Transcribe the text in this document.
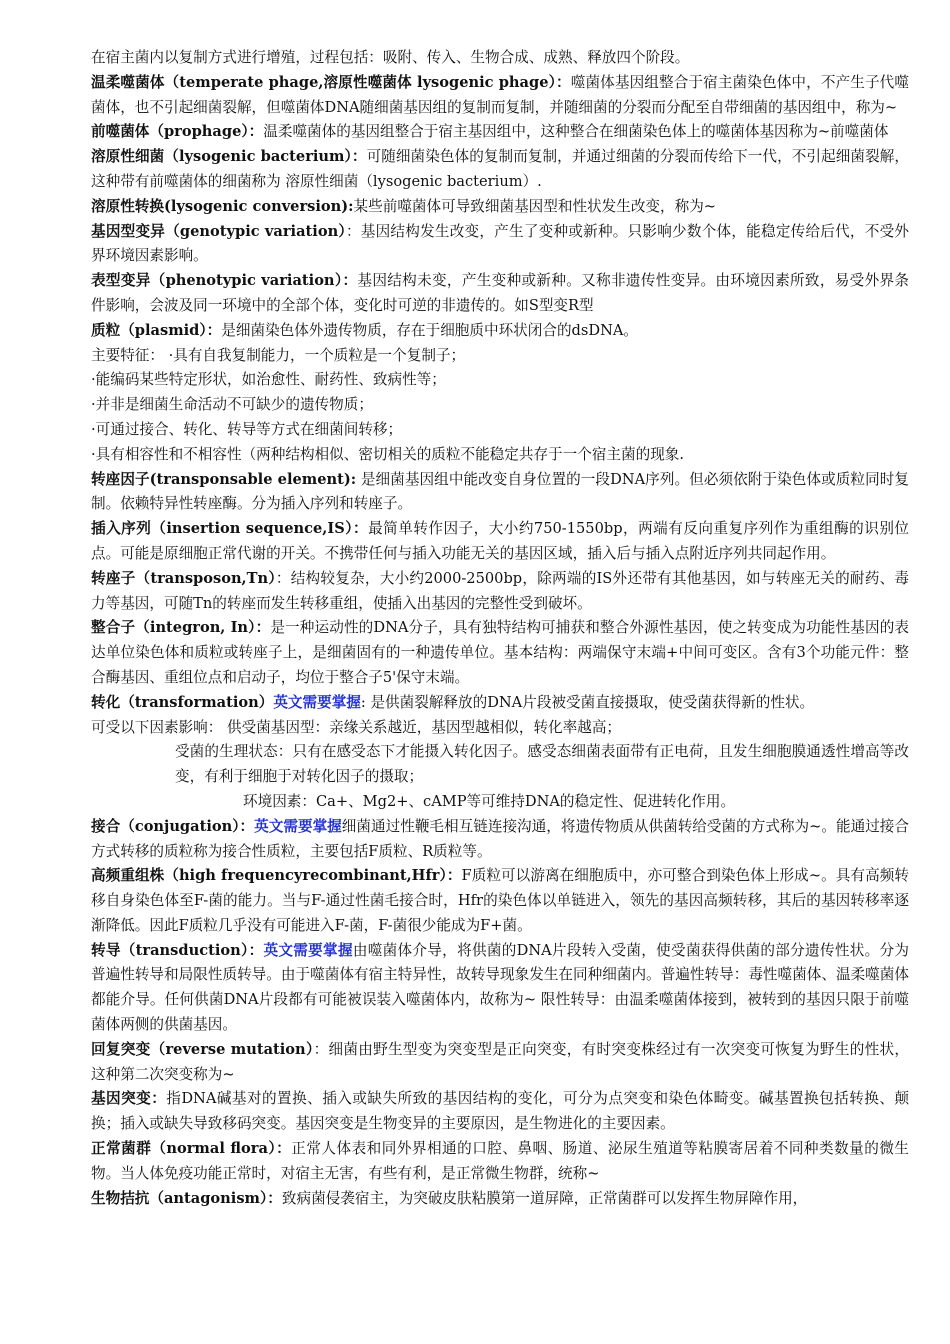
在宿主菌内以复制方式进行增殖，过程包括：吸附、传入、生物合成、成熟、释放四个阶段。

温柔噬菌体（temperate phage,溶原性噬菌体 lysogenic phage）：噬菌体基因组整合于宿主菌染色体中，不产生子代噬菌体，也不引起细菌裂解，但噬菌体DNA随细菌基因组的复制而复制，并随细菌的分裂而分配至自带细菌的基因组中，称为~

前噬菌体（prophage）：温柔噬菌体的基因组整合于宿主基因组中，这种整合在细菌染色体上的噬菌体基因称为~前噬菌体

溶原性细菌（lysogenic bacterium）：可随细菌染色体的复制而复制，并通过细菌的分裂而传给下一代，不引起细菌裂解，这种带有前噬菌体的细菌称为 溶原性细菌（lysogenic bacterium）.

溶原性转换(lysogenic conversion):某些前噬菌体可导致细菌基因型和性状发生改变，称为~

基因型变异（genotypic variation）：基因结构发生改变，产生了变种或新种。只影响少数个体，能稳定传给后代，不受外界环境因素影响。

表型变异（phenotypic variation）：基因结构未变，产生变种或新种。又称非遗传性变异。由环境因素所致，易受外界条件影响，会波及同一环境中的全部个体，变化时可逆的非遗传的。如S型变R型

质粒（plasmid）：是细菌染色体外遗传物质，存在于细胞质中环状闭合的dsDNA。

主要特征： ·具有自我复制能力，一个质粒是一个复制子；

·能编码某些特定形状，如治愈性、耐药性、致病性等；

·并非是细菌生命活动不可缺少的遗传物质；

·可通过接合、转化、转导等方式在细菌间转移；

·具有相容性和不相容性（两种结构相似、密切相关的质粒不能稳定共存于一个宿主菌的现象.

转座因子(transponsable element): 是细菌基因组中能改变自身位置的一段DNA序列。但必须依附于染色体或质粒同时复制。依赖特异性转座酶。分为插入序列和转座子。

插入序列（insertion sequence,IS）：最简单转作因子，大小约750-1550bp，两端有反向重复序列作为重组酶的识别位点。可能是原细胞正常代谢的开关。不携带任何与插入功能无关的基因区域，插入后与插入点附近序列共同起作用。

转座子（transposon,Tn）：结构较复杂，大小约2000-2500bp，除两端的IS外还带有其他基因，如与转座无关的耐药、毒力等基因，可随Tn的转座而发生转移重组，使插入出基因的完整性受到破坏。

整合子（integron, In）：是一种运动性的DNA分子，具有独特结构可捕获和整合外源性基因，使之转变成为功能性基因的表达单位染色体和质粒或转座子上，是细菌固有的一种遗传单位。基本结构：两端保守末端+中间可变区。含有3个功能元件：整合酶基因、重组位点和启动子，均位于整合子5'保守末端。

转化（transformation）英文需要掌握: 是供菌裂解释放的DNA片段被受菌直接摄取，使受菌获得新的性状。

可受以下因素影响： 供受菌基因型：亲缘关系越近，基因型越相似，转化率越高；

受菌的生理状态：只有在感受态下才能摄入转化因子。感受态细菌表面带有正电荷，且发生细胞膜通透性增高等改变，有利于细胞于对转化因子的摄取；

环境因素：Ca+、Mg2+、cAMP等可维持DNA的稳定性、促进转化作用。

接合（conjugation）：英文需要掌握细菌通过性鞭毛相互链连接沟通，将遗传物质从供菌转给受菌的方式称为~。能通过接合方式转移的质粒称为接合性质粒，主要包括F质粒、R质粒等。

高频重组株（high frequencyrecombinant,Hfr）：F质粒可以游离在细胞质中，亦可整合到染色体上形成~。具有高频转移自身染色体至F-菌的能力。当与F-通过性菌毛接合时，Hfr的染色体以单链进入，领先的基因高频转移，其后的基因转移率逐渐降低。因此F质粒几乎没有可能进入F-菌，F-菌很少能成为F+菌。

转导（transduction）：英文需要掌握由噬菌体介导，将供菌的DNA片段转入受菌，使受菌获得供菌的部分遗传性状。分为普遍性转导和局限性质转导。由于噬菌体有宿主特异性，故转导现象发生在同种细菌内。普遍性转导：毒性噬菌体、温柔噬菌体都能介导。任何供菌DNA片段都有可能被误装入噬菌体内，故称为~ 限性转导：由温柔噬菌体接到，被转到的基因只限于前噬菌体两侧的供菌基因。

回复突变（reverse mutation）：细菌由野生型变为突变型是正向突变，有时突变株经过有一次突变可恢复为野生的性状，这种第二次突变称为~

基因突变：指DNA碱基对的置换、插入或缺失所致的基因结构的变化，可分为点突变和染色体畸变。碱基置换包括转换、颠换；插入或缺失导致移码突变。基因突变是生物变异的主要原因，是生物进化的主要因素。

正常菌群（normal flora）：正常人体表和同外界相通的口腔、鼻咽、肠道、泌尿生殖道等粘膜寄居着不同种类数量的微生物。当人体免疫功能正常时，对宿主无害，有些有利，是正常微生物群，统称~

生物拮抗（antagonism）：致病菌侵袭宿主，为突破皮肤粘膜第一道屏障，正常菌群可以发挥生物屏障作用，
